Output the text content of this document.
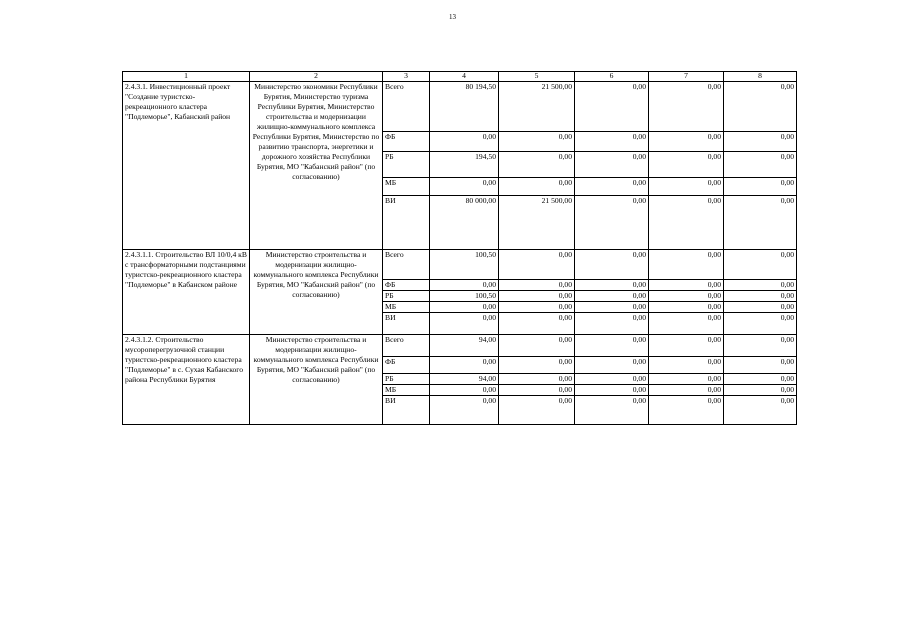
13
1	2	3	4	5	6	7	8
2.4.3.1. Инвестиционный проект "Создание туристско-рекреационного кластера "Подлеморье", Кабанский район	Министерство экономики Республики Бурятия, Министерство туризма Республики Бурятия, Министерство строительства и модернизации жилищно-коммунального комплекса Республики Бурятия, Министерство по развитию транспорта, энергетики и дорожного хозяйства Республики Бурятия, МО "Кабанский район" (по согласованию)	Всего	80 194,50	21 500,00	0,00	0,00	0,00
		ФБ	0,00	0,00	0,00	0,00	0,00
		РБ	194,50	0,00	0,00	0,00	0,00
		МБ	0,00	0,00	0,00	0,00	0,00
		ВИ	80 000,00	21 500,00	0,00	0,00	0,00
2.4.3.1.1. Строительство ВЛ 10/0,4 кВ с трансформаторными подстанциями туристско-рекреационного кластера "Подлеморье" в Кабанском районе	Министерство строительства и модернизации жилищно-коммунального комплекса Республики Бурятия, МО "Кабанский район" (по согласованию)	Всего	100,50	0,00	0,00	0,00	0,00
		ФБ	0,00	0,00	0,00	0,00	0,00
		РБ	100,50	0,00	0,00	0,00	0,00
		МБ	0,00	0,00	0,00	0,00	0,00
		ВИ	0,00	0,00	0,00	0,00	0,00
2.4.3.1.2. Строительство мусороперегрузочной станции туристско-рекреационного кластера "Подлеморье" в с. Сухая Кабанского района Республики Бурятия	Министерство строительства и модернизации жилищно-коммунального комплекса Республики Бурятия, МО "Кабанский район" (по согласованию)	Всего	94,00	0,00	0,00	0,00	0,00
		ФБ	0,00	0,00	0,00	0,00	0,00
		РБ	94,00	0,00	0,00	0,00	0,00
		МБ	0,00	0,00	0,00	0,00	0,00
		ВИ	0,00	0,00	0,00	0,00	0,00
